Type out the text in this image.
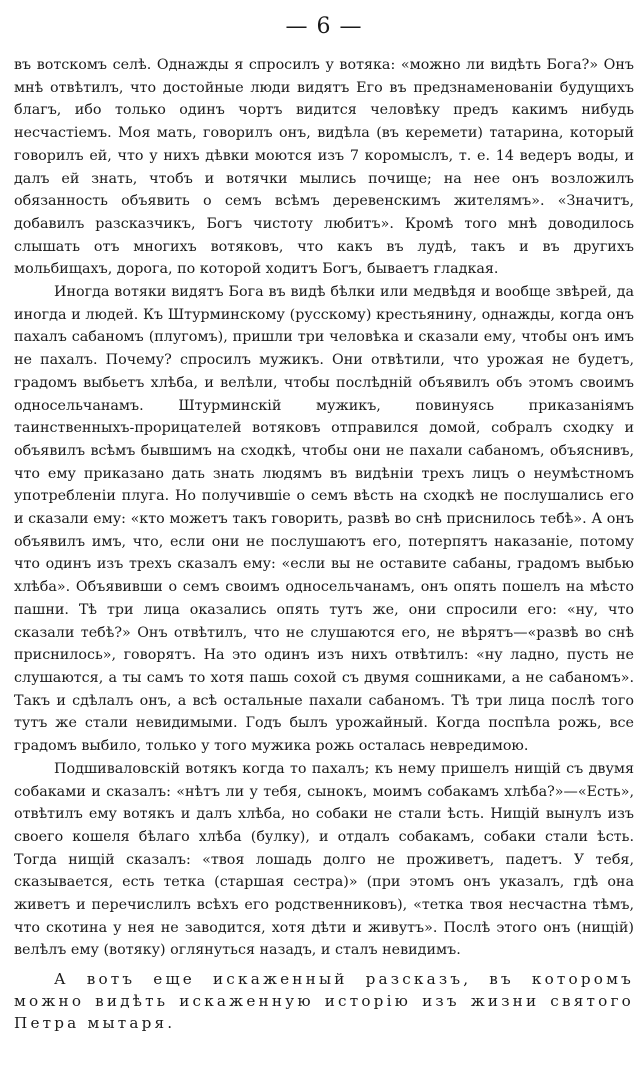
— 6 —

въ вотскомъ селѣ. Однажды я спросилъ у вотяка: «можно ли видѣть Бога?» Онъ мнѣ отвѣтилъ, что достойные люди видятъ Его въ предзнаменованіи будущихъ благъ, ибо только одинъ чортъ видится человѣку предъ какимъ нибудь несчастіемъ. Моя мать, говорилъ онъ, видѣла (въ керемети) татарина, который говорилъ ей, что у нихъ дѣвки моются изъ 7 коромыслъ, т. е. 14 ведеръ воды, и далъ ей знать, чтобъ и вотячки мылись почище; на нее онъ возложилъ обязанность объявить о семъ всѣмъ деревенскимъ жителямъ». «Значитъ, добавилъ разсказчикъ, Богъ чистоту любитъ». Кромѣ того мнѣ доводилось слышать отъ многихъ вотяковъ, что какъ въ лудѣ, такъ и въ другихъ мольбищахъ, дорога, по которой ходитъ Богъ, бываетъ гладкая.

Иногда вотяки видятъ Бога въ видѣ бѣлки или медвѣдя и вообще звѣрей, да иногда и людей. Къ Штурминскому (русскому) крестьянину, однажды, когда онъ пахалъ сабаномъ (плугомъ), пришли три человѣка и сказали ему, чтобы онъ имъ не пахалъ. Почему? спросилъ мужикъ. Они отвѣтили, что урожая не будетъ, градомъ выбьетъ хлѣба, и велѣли, чтобы послѣдній объявилъ объ этомъ своимъ односельчанамъ. Штурминскій мужикъ, повинуясь приказаніямъ таинственныхъ-прорицателей вотяковъ отправился домой, собралъ сходку и объявилъ всѣмъ бывшимъ на сходкѣ, чтобы они не пахали сабаномъ, объяснивъ, что ему приказано дать знать людямъ въ видѣніи трехъ лицъ о неумѣстномъ употребленіи плуга. Но получившіе о семъ вѣсть на сходкѣ не послушались его и сказали ему: «кто можетъ такъ говорить, развѣ во снѣ приснилось тебѣ». А онъ объявилъ имъ, что, если они не послушаютъ его, потерпятъ наказаніе, потому что одинъ изъ трехъ сказалъ ему: «если вы не оставите сабаны, градомъ выбью хлѣба». Объявивши о семъ своимъ односельчанамъ, онъ опять пошелъ на мѣсто пашни. Тѣ три лица оказались опять тутъ же, они спросили его: «ну, что сказали тебѣ?» Онъ отвѣтилъ, что не слушаются его, не вѣрятъ—«развѣ во снѣ приснилось», говорятъ. На это одинъ изъ нихъ отвѣтилъ: «ну ладно, пусть не слушаются, а ты самъ то хотя пашь сохой съ двумя сошниками, а не сабаномъ». Такъ и сдѣлалъ онъ, а всѣ остальные пахали сабаномъ. Тѣ три лица послѣ того тутъ же стали невидимыми. Годъ былъ урожайный. Когда поспѣла рожь, все градомъ выбило, только у того мужика рожь осталась невредимою.

Подшиваловскій вотякъ когда то пахалъ; къ нему пришелъ нищій съ двумя собаками и сказалъ: «нѣтъ ли у тебя, сынокъ, моимъ собакамъ хлѣба?»—«Есть», отвѣтилъ ему вотякъ и далъ хлѣба, но собаки не стали ѣсть. Нищій вынулъ изъ своего кошеля бѣлаго хлѣба (булку), и отдалъ собакамъ, собаки стали ѣсть. Тогда нищій сказалъ: «твоя лошадь долго не проживетъ, падетъ. У тебя, сказывается, есть тетка (старшая сестра)» (при этомъ онъ указалъ, гдѣ она живетъ и перечислилъ всѣхъ его родственниковъ), «тетка твоя несчастна тѣмъ, что скотина у нея не заводится, хотя дѣти и живутъ». Послѣ этого онъ (нищій) велѣлъ ему (вотяку) оглянуться назадъ, и сталъ невидимъ.

А вотъ еще искаженный разсказъ, въ которомъ можно видѣть искаженную исторію изъ жизни святого Петра мытаря.
